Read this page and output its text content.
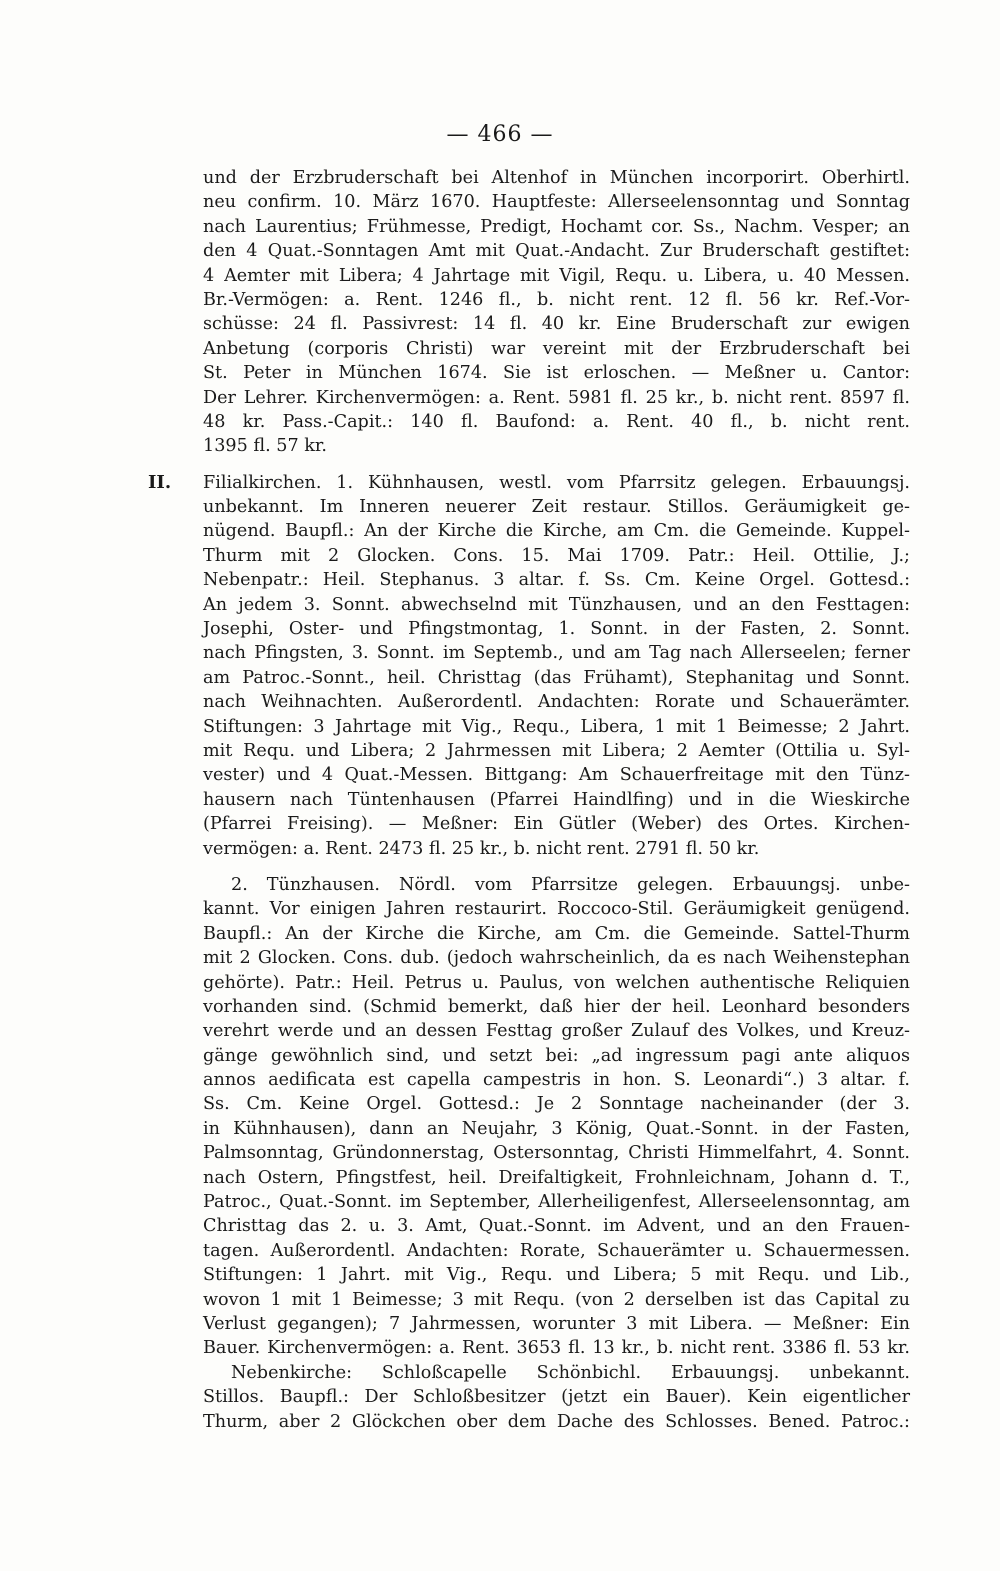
— 466 —
und der Erzbruderschaft bei Altenhof in München incorporirt. Oberhirtl.
neu confirm. 10. März 1670. Hauptfeste: Allerseelensonntag und Sonntag
nach Laurentius; Frühmesse, Predigt, Hochamt cor. Ss., Nachm. Vesper; an
den 4 Quat.-Sonntagen Amt mit Quat.-Andacht. Zur Bruderschaft gestiftet:
4 Aemter mit Libera; 4 Jahrtage mit Vigil, Requ. u. Libera, u. 40 Messen.
Br.-Vermögen: a. Rent. 1246 fl., b. nicht rent. 12 fl. 56 kr. Ref.-Vor-
schüsse: 24 fl. Passivrest: 14 fl. 40 kr. Eine Bruderschaft zur ewigen
Anbetung (corporis Christi) war vereint mit der Erzbruderschaft bei
St. Peter in München 1674. Sie ist erloschen. — Meßner u. Cantor:
Der Lehrer. Kirchenvermögen: a. Rent. 5981 fl. 25 kr., b. nicht rent. 8597 fl.
48 kr. Pass.-Capit.: 140 fl. Baufond: a. Rent. 40 fl., b. nicht rent.
1395 fl. 57 kr.
II. Filialkirchen. 1. Kühnhausen, westl. vom Pfarrsitz gelegen. Erbauungsj.
unbekannt. Im Inneren neuerer Zeit restaur. Stillos. Geräumigkeit ge-
nügend. Baupfl.: An der Kirche die Kirche, am Cm. die Gemeinde. Kuppel-
Thurm mit 2 Glocken. Cons. 15. Mai 1709. Patr.: Heil. Ottilie, J.;
Nebenpatr.: Heil. Stephanus. 3 altar. f. Ss. Cm. Keine Orgel. Gottesd.:
An jedem 3. Sonnt. abwechselnd mit Tünzhausen, und an den Festtagen:
Josephi, Oster- und Pfingstmontag, 1. Sonnt. in der Fasten, 2. Sonnt.
nach Pfingsten, 3. Sonnt. im Septemb., und am Tag nach Allerseelen; ferner
am Patroc.-Sonnt., heil. Christtag (das Frühamt), Stephanitag und Sonnt.
nach Weihnachten. Außerordentl. Andachten: Rorate und Schauerämter.
Stiftungen: 3 Jahrtage mit Vig., Requ., Libera, 1 mit 1 Beimesse; 2 Jahrt.
mit Requ. und Libera; 2 Jahrmessen mit Libera; 2 Aemter (Ottilia u. Syl-
vester) und 4 Quat.-Messen. Bittgang: Am Schauerfreitage mit den Tünz-
hausern nach Tüntenhausen (Pfarrei Haindlfing) und in die Wieskirche
(Pfarrei Freising). — Meßner: Ein Gütler (Weber) des Ortes. Kirchen-
vermögen: a. Rent. 2473 fl. 25 kr., b. nicht rent. 2791 fl. 50 kr.
2. Tünzhausen. Nördl. vom Pfarrsitze gelegen. Erbauungsj. unbe-
kannt. Vor einigen Jahren restaurirt. Roccoco-Stil. Geräumigkeit genügend.
Baupfl.: An der Kirche die Kirche, am Cm. die Gemeinde. Sattel-Thurm
mit 2 Glocken. Cons. dub. (jedoch wahrscheinlich, da es nach Weihenstephan
gehörte). Patr.: Heil. Petrus u. Paulus, von welchen authentische Reliquien
vorhanden sind. (Schmid bemerkt, daß hier der heil. Leonhard besonders
verehrt werde und an dessen Festtag großer Zulauf des Volkes, und Kreuz-
gänge gewöhnlich sind, und setzt bei: „ad ingressum pagi ante aliquos
annos aedificata est capella campestris in hon. S. Leonardi“.) 3 altar. f.
Ss. Cm. Keine Orgel. Gottesd.: Je 2 Sonntage nacheinander (der 3.
in Kühnhausen), dann an Neujahr, 3 König, Quat.-Sonnt. in der Fasten,
Palmsonntag, Gründonnerstag, Ostersonntag, Christi Himmelfahrt, 4. Sonnt.
nach Ostern, Pfingstfest, heil. Dreifaltigkeit, Frohnleichnam, Johann d. T.,
Patroc., Quat.-Sonnt. im September, Allerheiligenfest, Allerseelensonntag, am
Christtag das 2. u. 3. Amt, Quat.-Sonnt. im Advent, und an den Frauen-
tagen. Außerordentl. Andachten: Rorate, Schauerämter u. Schauermessen.
Stiftungen: 1 Jahrt. mit Vig., Requ. und Libera; 5 mit Requ. und Lib.,
wovon 1 mit 1 Beimesse; 3 mit Requ. (von 2 derselben ist das Capital zu
Verlust gegangen); 7 Jahrmessen, worunter 3 mit Libera. — Meßner: Ein
Bauer. Kirchenvermögen: a. Rent. 3653 fl. 13 kr., b. nicht rent. 3386 fl. 53 kr.
Nebenkirche: Schloßcapelle Schönbichl. Erbauungsj. unbekannt.
Stillos. Baupfl.: Der Schloßbesitzer (jetzt ein Bauer). Kein eigentlicher
Thurm, aber 2 Glöckchen ober dem Dache des Schlosses. Bened. Patroc.:
